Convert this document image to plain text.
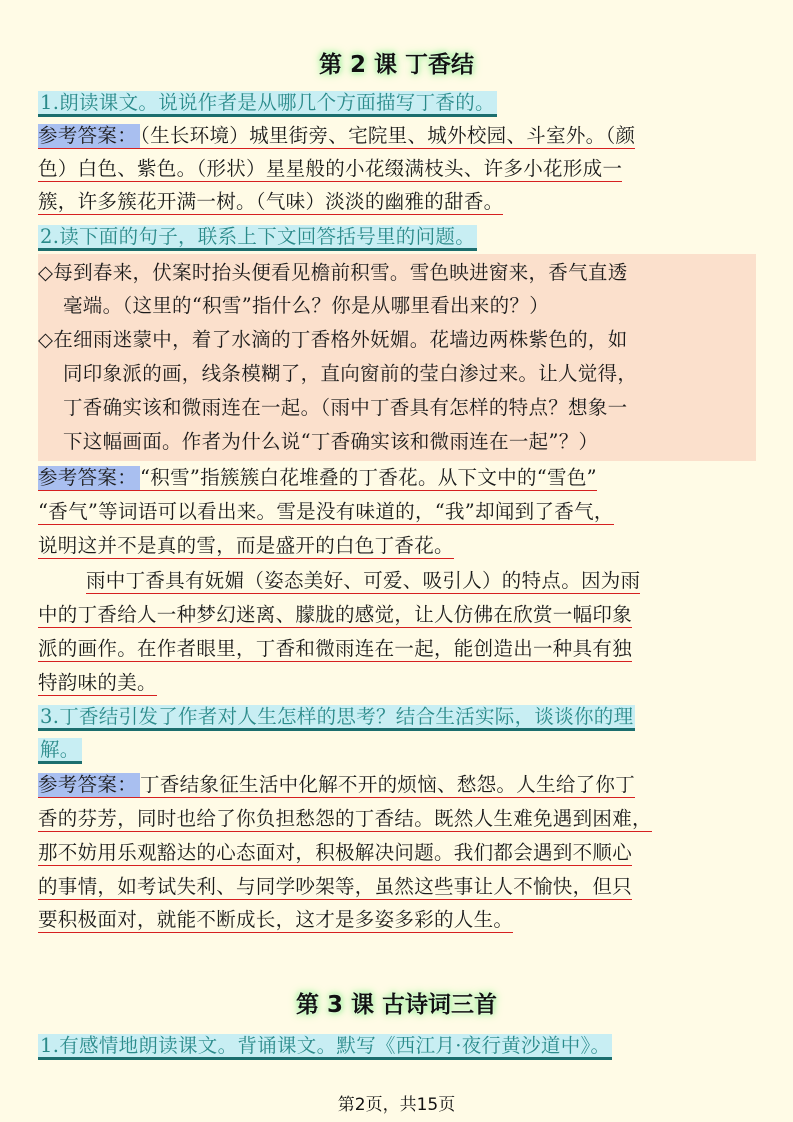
第 2 课 丁香结
1.朗读课文。说说作者是从哪几个方面描写丁香的。
参考答案： （生长环境）城里街旁、宅院里、城外校园、斗室外。（颜
色）白色、紫色。（形状）星星般的小花缀满枝头、许多小花形成一
簇，许多簇花开满一树。（气味）淡淡的幽雅的甜香。
2.读下面的句子，联系上下文回答括号里的问题。
◇每到春来，伏案时抬头便看见檐前积雪。雪色映进窗来，香气直透
毫端。（这里的“积雪”指什么？你是从哪里看出来的？）
◇在细雨迷蒙中，着了水滴的丁香格外妩媚。花墙边两株紫色的，如
同印象派的画，线条模糊了，直向窗前的莹白渗过来。让人觉得，
丁香确实该和微雨连在一起。（雨中丁香具有怎样的特点？想象一
下这幅画面。作者为什么说“丁香确实该和微雨连在一起”？）
参考答案： “积雪”指簇簇白花堆叠的丁香花。从下文中的“雪色”
“香气”等词语可以看出来。雪是没有味道的，“我”却闻到了香气，
说明这并不是真的雪，而是盛开的白色丁香花。
雨中丁香具有妩媚（姿态美好、可爱、吸引人）的特点。因为雨
中的丁香给人一种梦幻迷离、朦胧的感觉，让人仿佛在欣赏一幅印象
派的画作。在作者眼里，丁香和微雨连在一起，能创造出一种具有独
特韵味的美。
3.丁香结引发了作者对人生怎样的思考？结合生活实际，谈谈你的理
解。
参考答案： 丁香结象征生活中化解不开的烦恼、愁怨。人生给了你丁
香的芬芳，同时也给了你负担愁怨的丁香结。既然人生难免遇到困难，
那不妨用乐观豁达的心态面对，积极解决问题。我们都会遇到不顺心
的事情，如考试失利、与同学吵架等，虽然这些事让人不愉快，但只
要积极面对，就能不断成长，这才是多姿多彩的人生。
第 3 课 古诗词三首
1.有感情地朗读课文。背诵课文。默写《西江月·夜行黄沙道中》。
第2页，共15页
